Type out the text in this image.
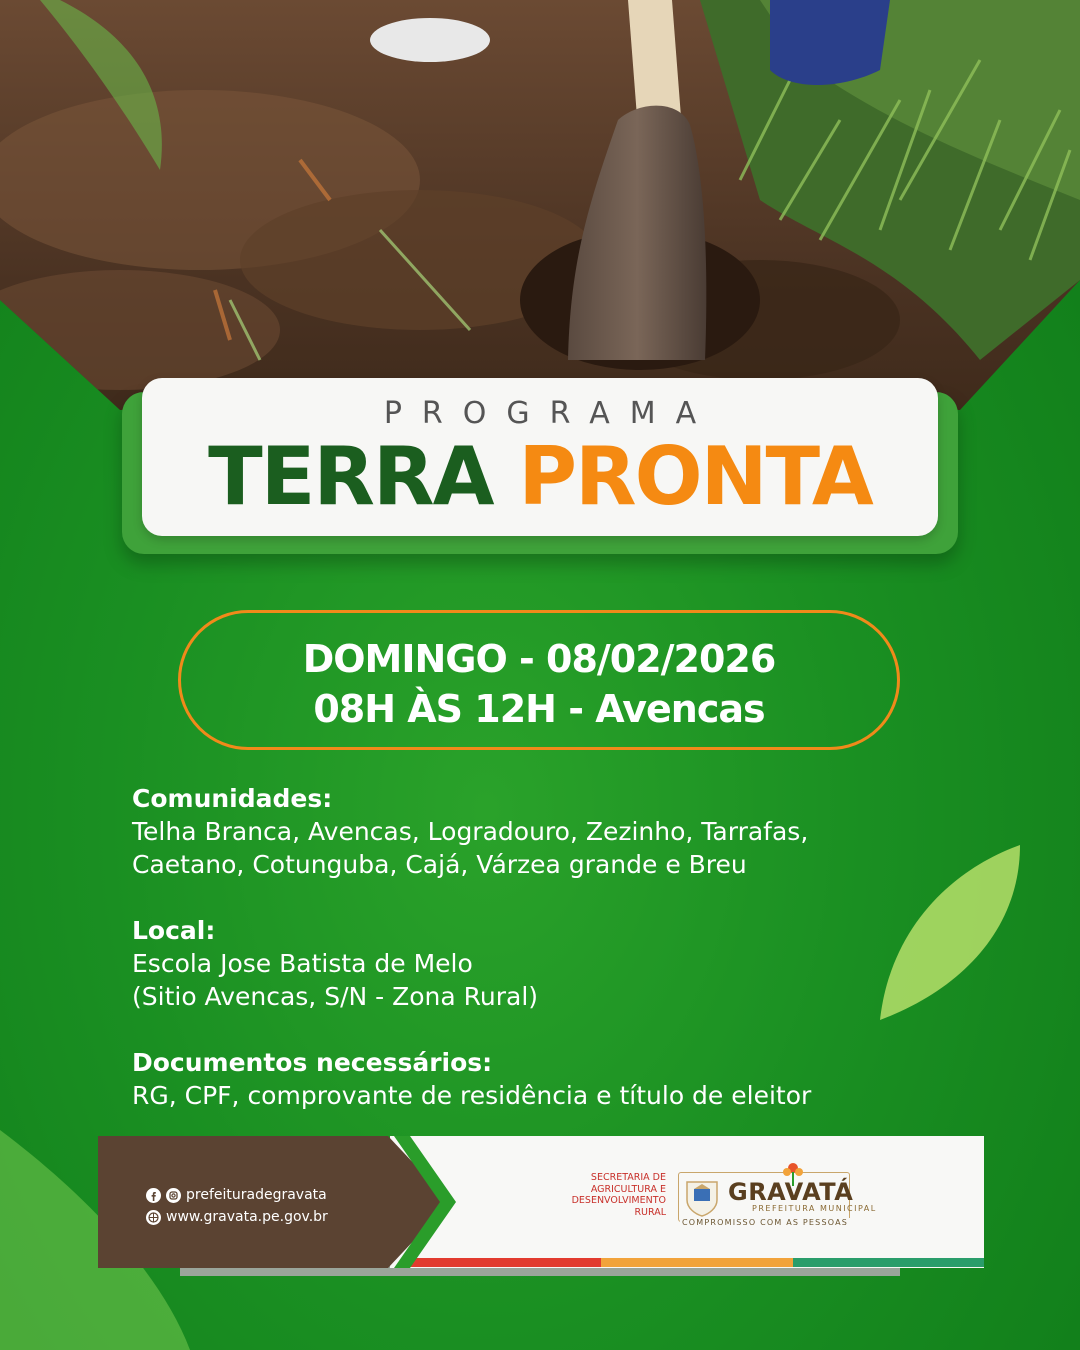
PROGRAMA
TERRA PRONTA
DOMINGO - 08/02/2026
08H ÀS 12H - Avencas
Comunidades:
Telha Branca, Avencas, Logradouro, Zezinho, Tarrafas,
Caetano, Cotunguba, Cajá, Várzea grande e Breu
Local:
Escola Jose Batista de Melo
(Sitio Avencas, S/N - Zona Rural)
Documentos necessários:
RG, CPF, comprovante de residência e título de eleitor
prefeituradegravata
www.gravata.pe.gov.br
SECRETARIA DE
AGRICULTURA E
DESENVOLVIMENTO
RURAL
GRAVATÁ
PREFEITURA MUNICIPAL
COMPROMISSO COM AS PESSOAS
